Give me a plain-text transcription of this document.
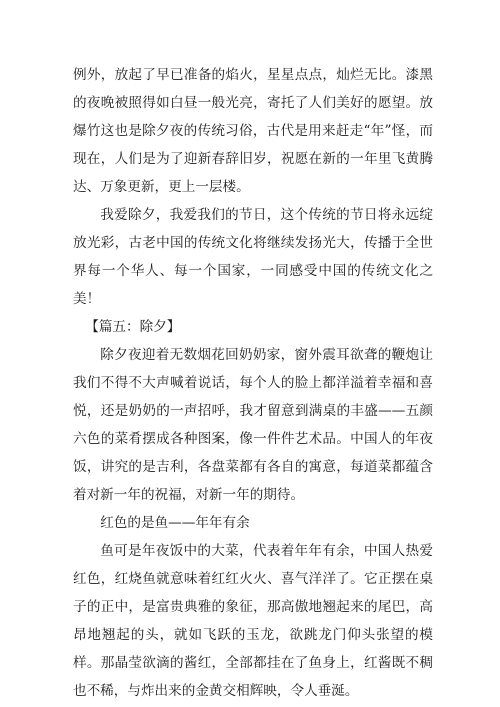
例外，放起了早已准备的焰火，星星点点，灿烂无比。漆黑的夜晚被照得如白昼一般光亮，寄托了人们美好的愿望。放爆竹这也是除夕夜的传统习俗，古代是用来赶走“年”怪，而现在，人们是为了迎新春辞旧岁，祝愿在新的一年里飞黄腾达、万象更新，更上一层楼。

我爱除夕，我爱我们的节日，这个传统的节日将永远绽放光彩，古老中国的传统文化将继续发扬光大，传播于全世界每一个华人、每一个国家，一同感受中国的传统文化之美！

【篇五：除夕】

除夕夜迎着无数烟花回奶奶家，窗外震耳欲聋的鞭炮让我们不得不大声喊着说话，每个人的脸上都洋溢着幸福和喜悦，还是奶奶的一声招呼，我才留意到满桌的丰盛——五颜六色的菜肴摆成各种图案，像一件件艺术品。中国人的年夜饭，讲究的是吉利，各盘菜都有各自的寓意，每道菜都蕴含着对新一年的祝福，对新一年的期待。

红色的是鱼——年年有余

鱼可是年夜饭中的大菜，代表着年年有余，中国人热爱红色，红烧鱼就意味着红红火火、喜气洋洋了。它正摆在桌子的正中，是富贵典雅的象征，那高傲地翘起来的尾巴，高昂地翘起的头，就如飞跃的玉龙，欲跳龙门仰头张望的模样。那晶莹欲滴的酱红，全部都挂在了鱼身上，红酱既不稠也不稀，与炸出来的金黄交相辉映，令人垂涎。
